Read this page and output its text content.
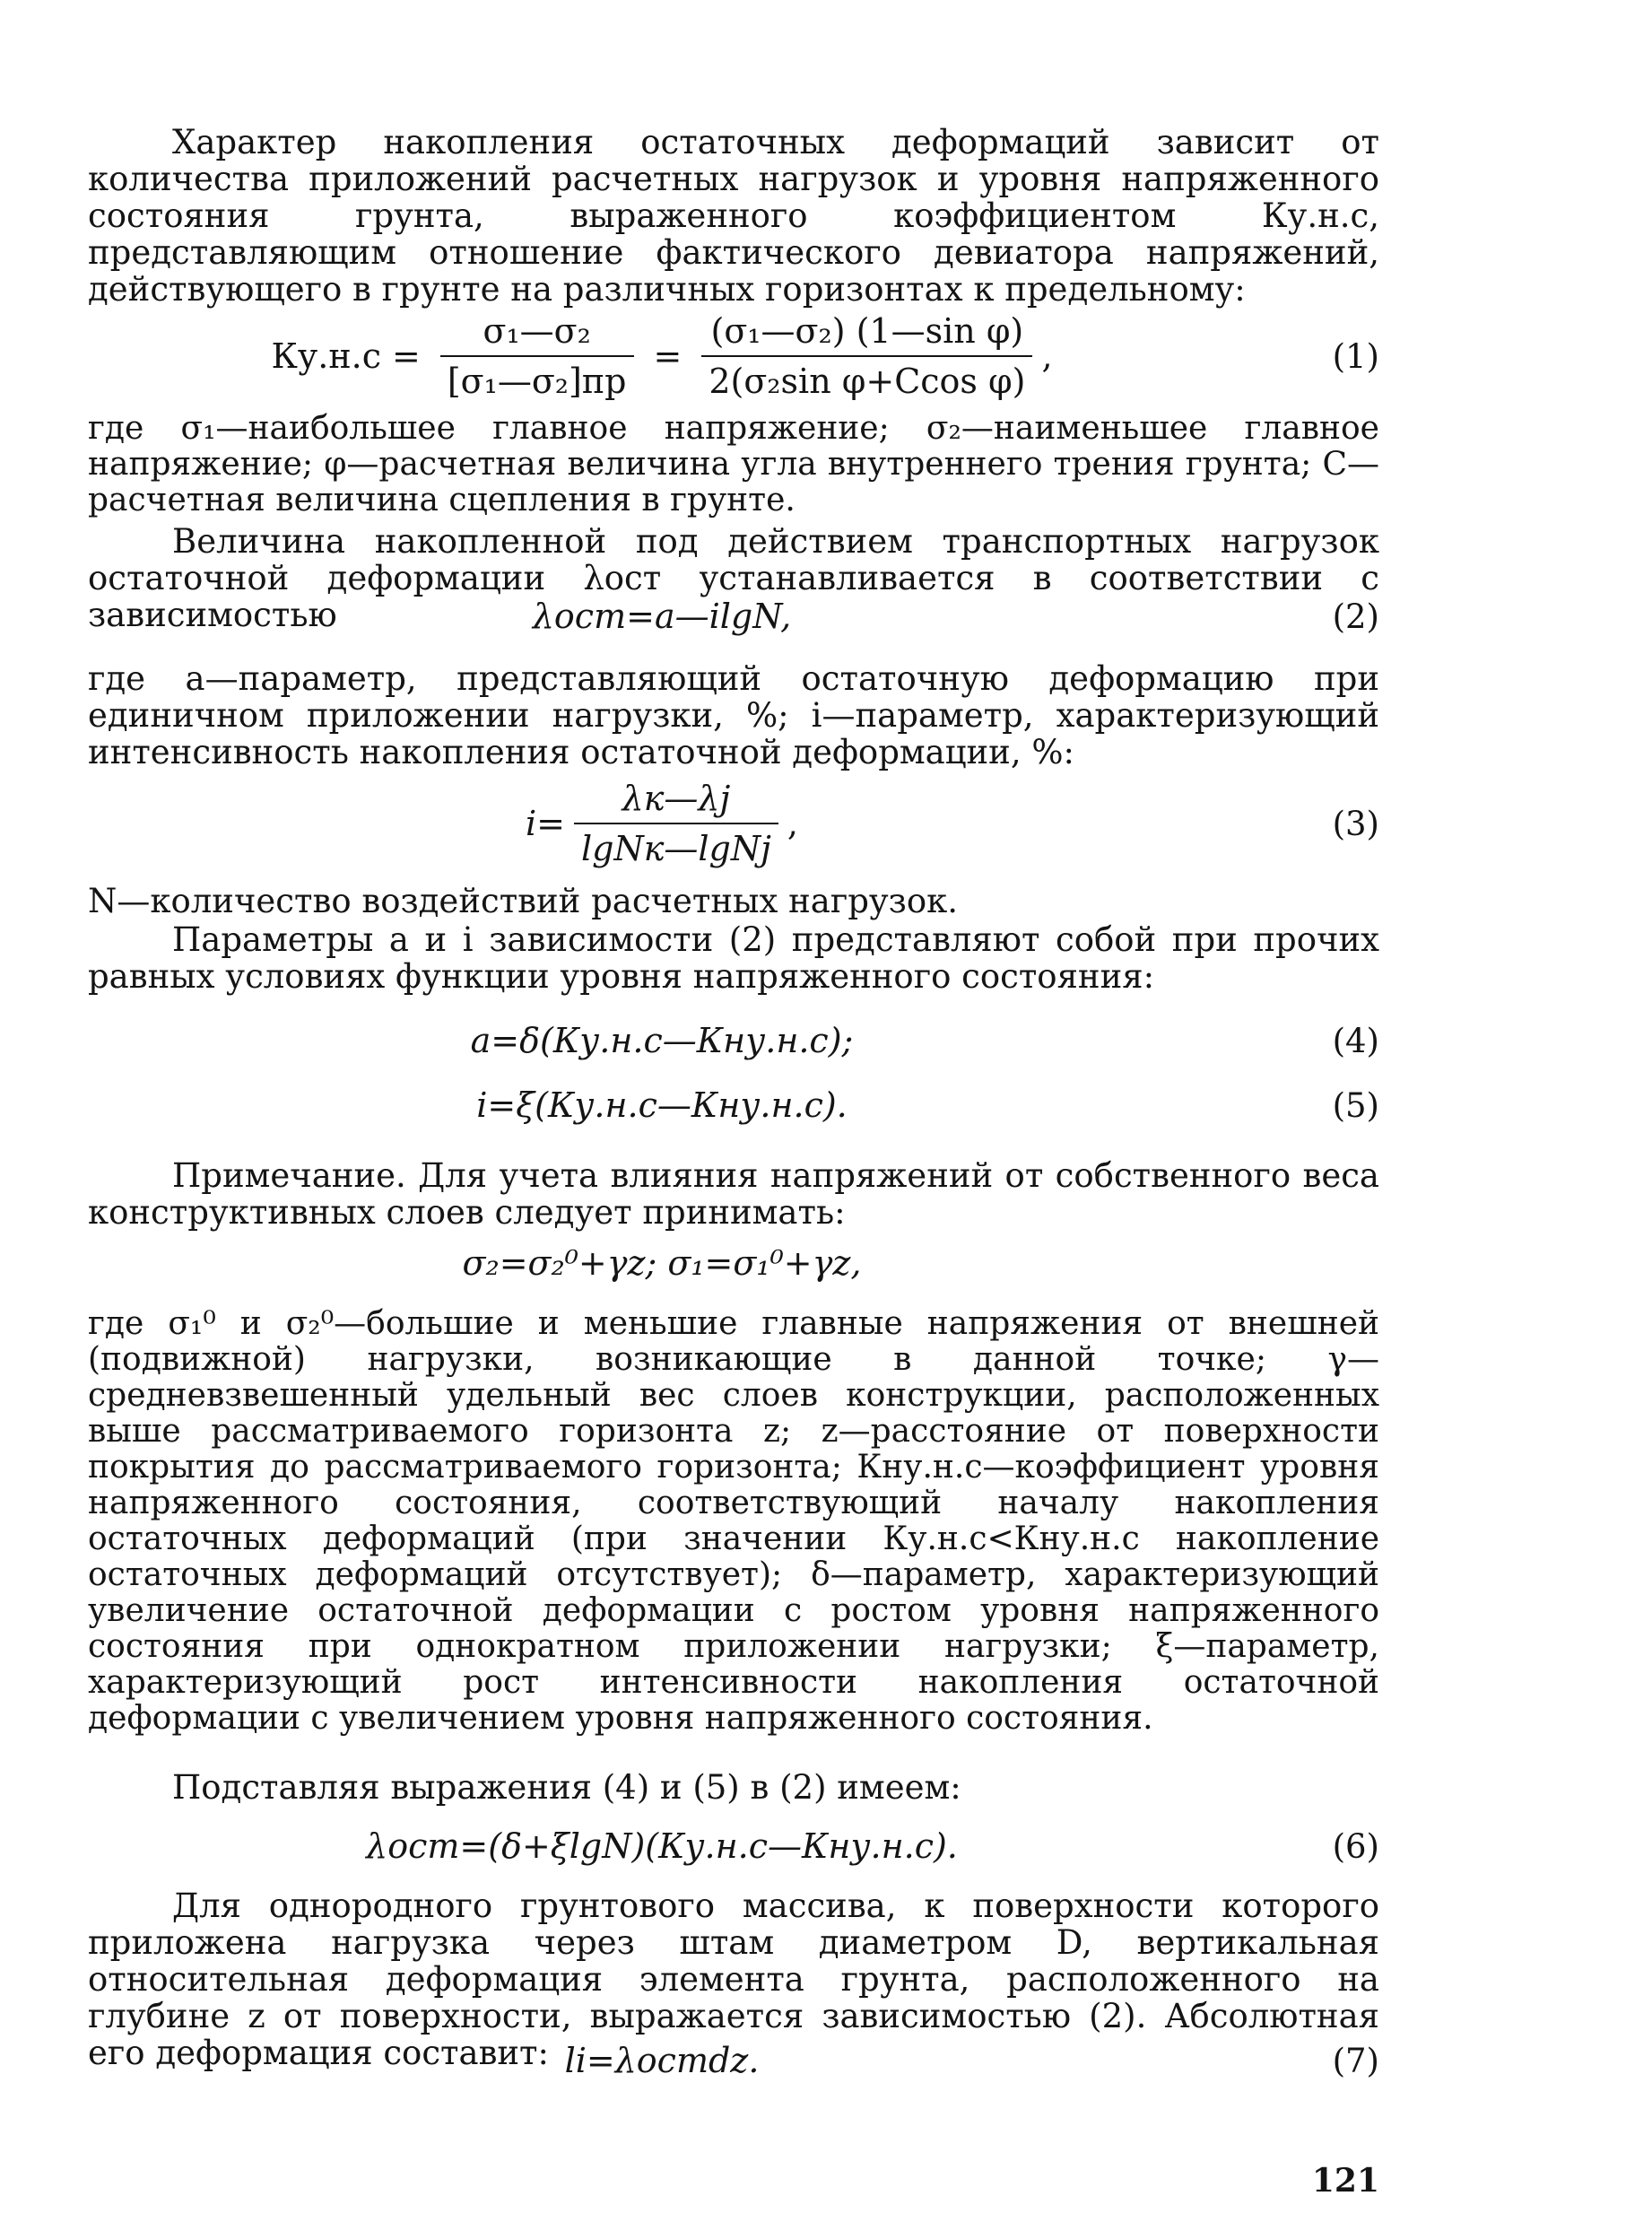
Характер накопления остаточных деформаций зависит от количества приложений расчетных нагрузок и уровня напряженного состояния грунта, выраженного коэффициентом Ку.н.с, представляющим отношение фактического девиатора напряжений, действующего в грунте на различных горизонтах к предельному:

$Ку.н.с = \frac{\text{σ₁—σ₂}}{\text{[σ₁—σ₂]пр}} = \frac{\text{(σ₁—σ₂) (1—sin φ)}}{\text{2(σ₂sin φ+Ccos φ)}}$ ,	(1)

где σ₁—наибольшее главное напряжение; σ₂—наименьшее главное напряжение; φ—расчетная величина угла внутреннего трения грунта; С—расчетная величина сцепления в грунте.

Величина накопленной под действием транспортных нагрузок остаточной деформации λост устанавливается в соответствии с зависимостью	λост=a—ilgN,	(2)

где a—параметр, представляющий остаточную деформацию при единичном приложении нагрузки, %; i—параметр, характеризующий интенсивность накопления остаточной деформации, %:

$i= \frac{\lambda к—\lambda j}{\text{lgNк—lgNj}}$ ,	(3)

N—количество воздействий расчетных нагрузок.

Параметры a и i зависимости (2) представляют собой при прочих равных условиях функции уровня напряженного состояния:

a=δ(Ку.н.с—Кну.н.с);	(4)
i=ξ(Ку.н.с—Кну.н.с).	(5)

Примечание. Для учета влияния напряжений от собственного веса конструктивных слоев следует принимать:

σ₂=σ₂⁰+γz; σ₁=σ₁⁰+γz,

где σ₁⁰ и σ₂⁰—большие и меньшие главные напряжения от внешней (подвижной) нагрузки, возникающие в данной точке; γ—средневзвешенный удельный вес слоев конструкции, расположенных выше рассматриваемого горизонта z; z—расстояние от поверхности покрытия до рассматриваемого горизонта; Кну.н.с—коэффициент уровня напряженного состояния, соответствующий началу накопления остаточных деформаций (при значении Ку.н.с<Кну.н.с накопление остаточных деформаций отсутствует); δ—параметр, характеризующий увеличение остаточной деформации с ростом уровня напряженного состояния при однократном приложении нагрузки; ξ—параметр, характеризующий рост интенсивности накопления остаточной деформации с увеличением уровня напряженного состояния.

Подставляя выражения (4) и (5) в (2) имеем:

λост=(δ+ξlgN)(Ку.н.с—Кну.н.с).	(6)

Для однородного грунтового массива, к поверхности которого приложена нагрузка через штам диаметром D, вертикальная относительная деформация элемента грунта, расположенного на глубине z от поверхности, выражается зависимостью (2). Абсолютная его деформация составит: li=λостdz.	(7)
121
